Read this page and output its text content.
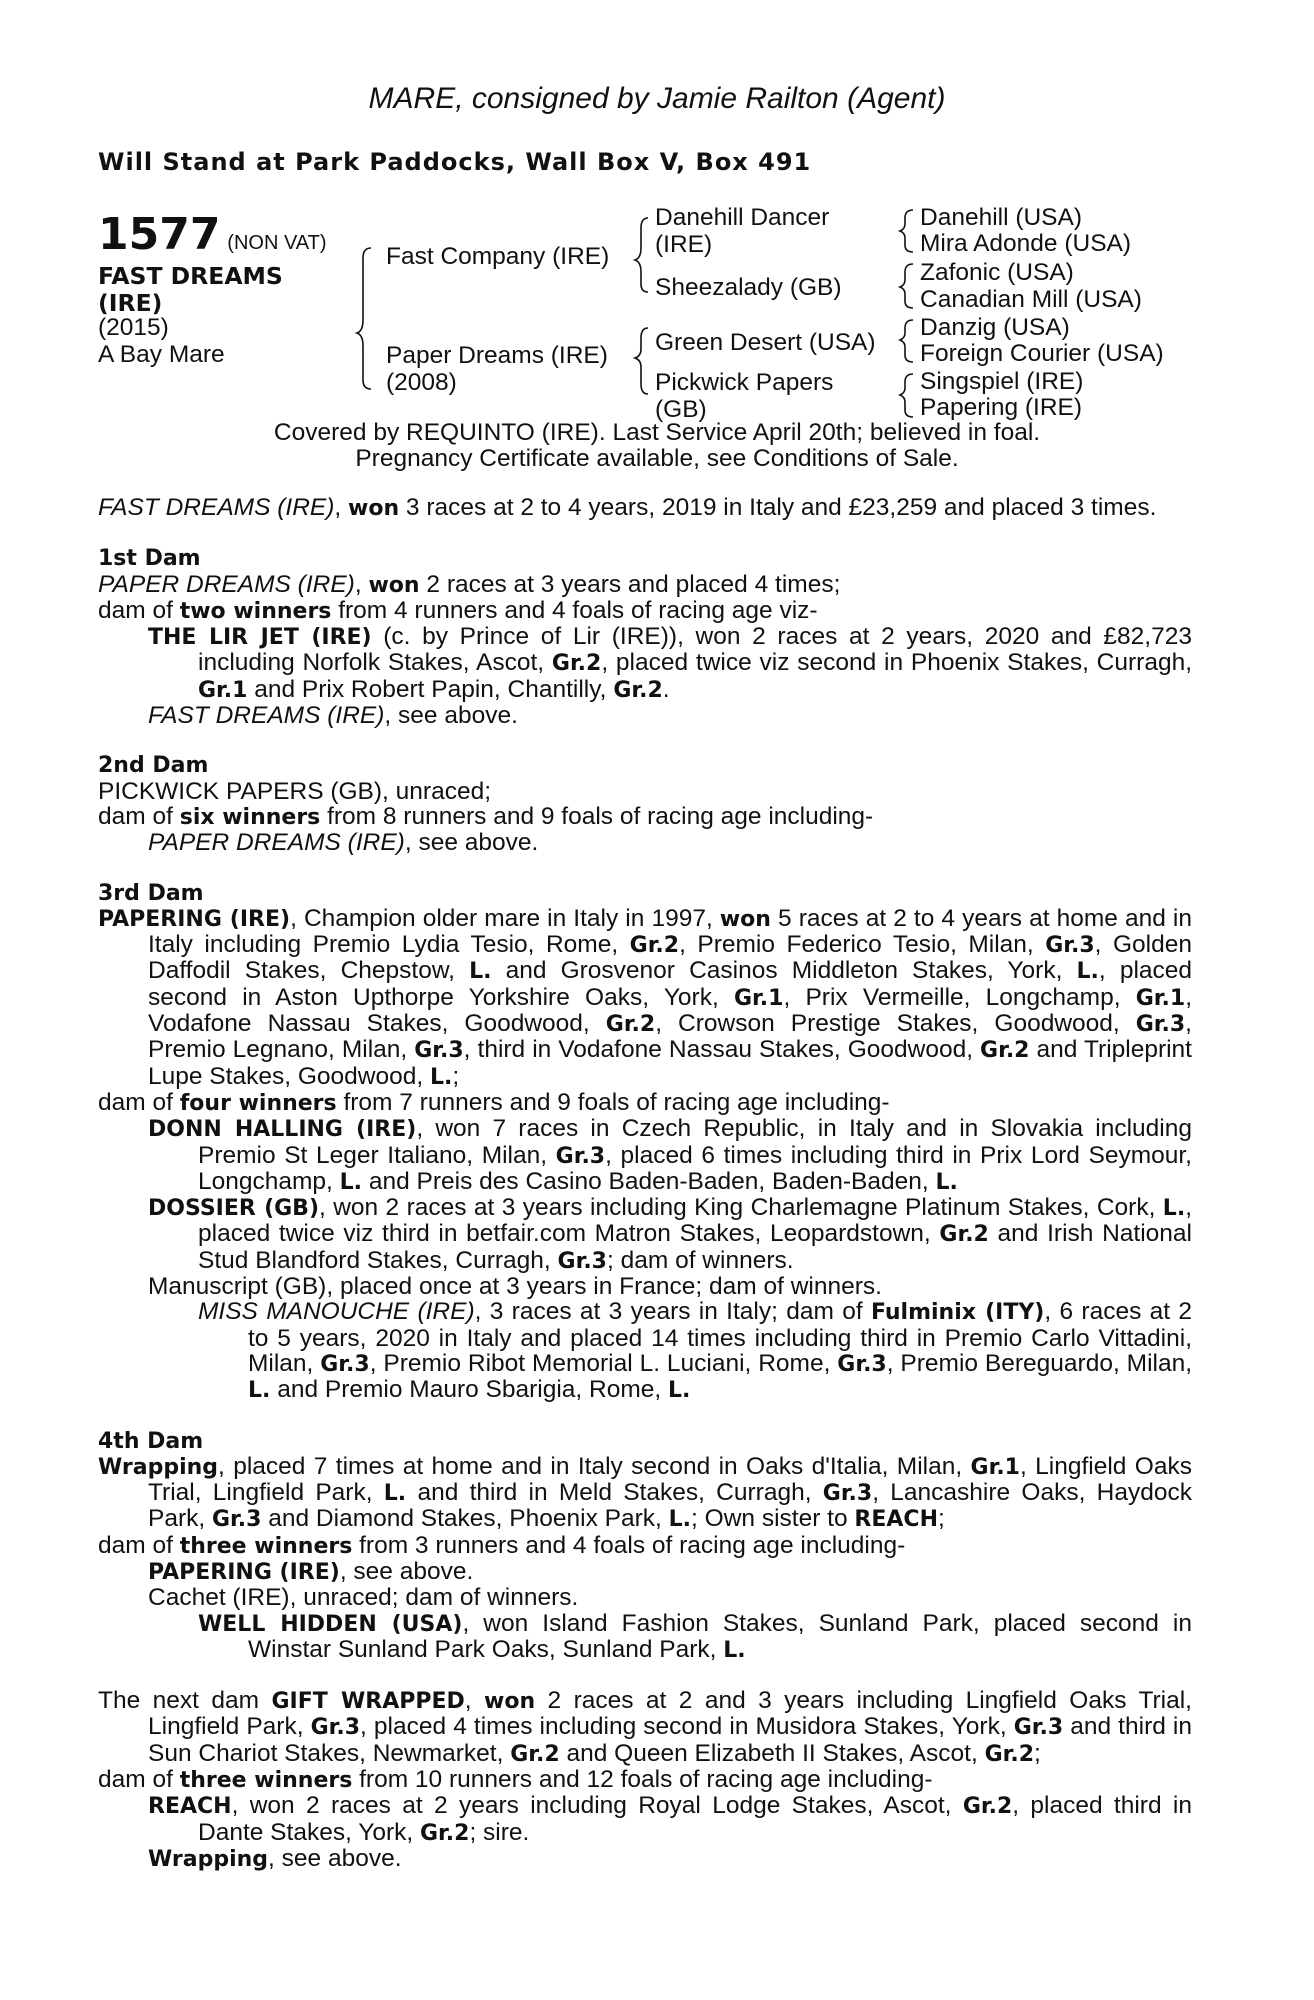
MARE, consigned by Jamie Railton (Agent)
Will Stand at Park Paddocks, Wall Box V, Box 491
1577 (NON VAT)
FAST DREAMS
(IRE)
(2015)
A Bay Mare
Fast Company (IRE)
Paper Dreams (IRE)
(2008)
Danehill Dancer
(IRE)
Sheezalady (GB)
Green Desert (USA)
Pickwick Papers
(GB)
Danehill (USA)
Mira Adonde (USA)
Zafonic (USA)
Canadian Mill (USA)
Danzig (USA)
Foreign Courier (USA)
Singspiel (IRE)
Papering (IRE)
Covered by REQUINTO (IRE). Last Service April 20th; believed in foal.
Pregnancy Certificate available, see Conditions of Sale.

FAST DREAMS (IRE), won 3 races at 2 to 4 years, 2019 in Italy and £23,259 and placed 3 times.

1st Dam

PAPER DREAMS (IRE), won 2 races at 3 years and placed 4 times;

dam of two winners from 4 runners and 4 foals of racing age viz-

THE LIR JET (IRE) (c. by Prince of Lir (IRE)), won 2 races at 2 years, 2020 and £82,723 including Norfolk Stakes, Ascot, Gr.2, placed twice viz second in Phoenix Stakes, Curragh, Gr.1 and Prix Robert Papin, Chantilly, Gr.2.

FAST DREAMS (IRE), see above.

2nd Dam

PICKWICK PAPERS (GB), unraced;

dam of six winners from 8 runners and 9 foals of racing age including-

PAPER DREAMS (IRE), see above.

3rd Dam

PAPERING (IRE), Champion older mare in Italy in 1997, won 5 races at 2 to 4 years at home and in Italy including Premio Lydia Tesio, Rome, Gr.2, Premio Federico Tesio, Milan, Gr.3, Golden Daffodil Stakes, Chepstow, L. and Grosvenor Casinos Middleton Stakes, York, L., placed second in Aston Upthorpe Yorkshire Oaks, York, Gr.1, Prix Vermeille, Longchamp, Gr.1, Vodafone Nassau Stakes, Goodwood, Gr.2, Crowson Prestige Stakes, Goodwood, Gr.3, Premio Legnano, Milan, Gr.3, third in Vodafone Nassau Stakes, Goodwood, Gr.2 and Tripleprint Lupe Stakes, Goodwood, L.;

dam of four winners from 7 runners and 9 foals of racing age including-

DONN HALLING (IRE), won 7 races in Czech Republic, in Italy and in Slovakia including Premio St Leger Italiano, Milan, Gr.3, placed 6 times including third in Prix Lord Seymour, Longchamp, L. and Preis des Casino Baden-Baden, Baden-Baden, L.

DOSSIER (GB), won 2 races at 3 years including King Charlemagne Platinum Stakes, Cork, L., placed twice viz third in betfair.com Matron Stakes, Leopardstown, Gr.2 and Irish National Stud Blandford Stakes, Curragh, Gr.3; dam of winners.

Manuscript (GB), placed once at 3 years in France; dam of winners.

MISS MANOUCHE (IRE), 3 races at 3 years in Italy; dam of Fulminix (ITY), 6 races at 2 to 5 years, 2020 in Italy and placed 14 times including third in Premio Carlo Vittadini, Milan, Gr.3, Premio Ribot Memorial L. Luciani, Rome, Gr.3, Premio Bereguardo, Milan, L. and Premio Mauro Sbarigia, Rome, L.

4th Dam

Wrapping, placed 7 times at home and in Italy second in Oaks d'Italia, Milan, Gr.1, Lingfield Oaks Trial, Lingfield Park, L. and third in Meld Stakes, Curragh, Gr.3, Lancashire Oaks, Haydock Park, Gr.3 and Diamond Stakes, Phoenix Park, L.; Own sister to REACH;

dam of three winners from 3 runners and 4 foals of racing age including-

PAPERING (IRE), see above.

Cachet (IRE), unraced; dam of winners.

WELL HIDDEN (USA), won Island Fashion Stakes, Sunland Park, placed second in Winstar Sunland Park Oaks, Sunland Park, L.

The next dam GIFT WRAPPED, won 2 races at 2 and 3 years including Lingfield Oaks Trial, Lingfield Park, Gr.3, placed 4 times including second in Musidora Stakes, York, Gr.3 and third in Sun Chariot Stakes, Newmarket, Gr.2 and Queen Elizabeth II Stakes, Ascot, Gr.2;

dam of three winners from 10 runners and 12 foals of racing age including-

REACH, won 2 races at 2 years including Royal Lodge Stakes, Ascot, Gr.2, placed third in Dante Stakes, York, Gr.2; sire.

Wrapping, see above.
